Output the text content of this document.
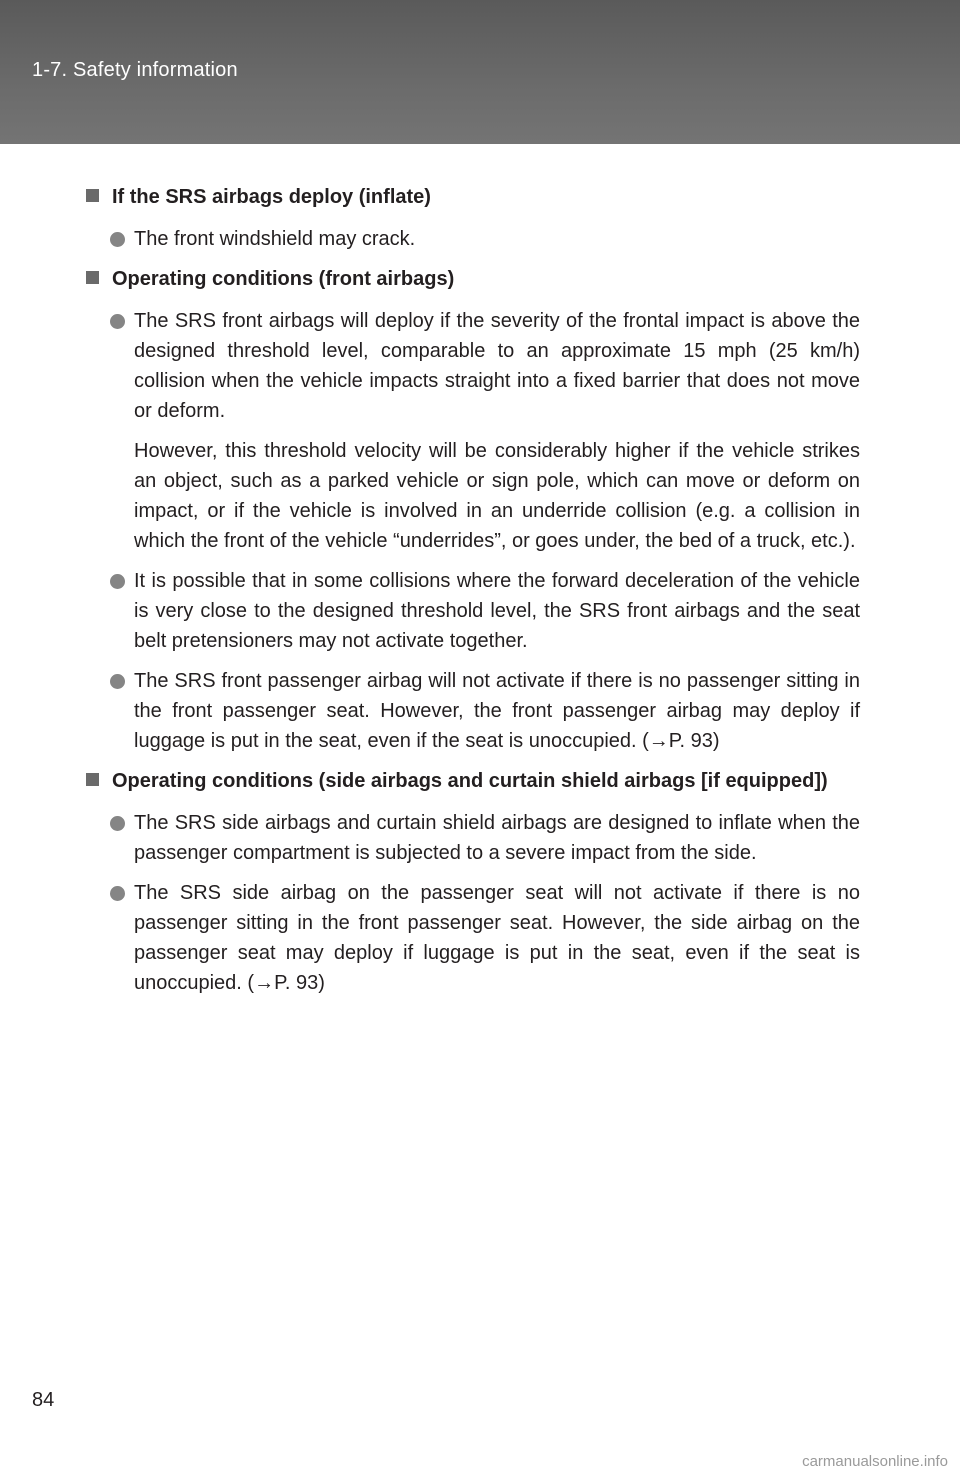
1-7. Safety information
If the SRS airbags deploy (inflate)
The front windshield may crack.
Operating conditions (front airbags)
The SRS front airbags will deploy if the severity of the frontal impact is above the designed threshold level, comparable to an approximate 15 mph (25 km/h) collision when the vehicle impacts straight into a fixed barrier that does not move or deform.
However, this threshold velocity will be considerably higher if the vehicle strikes an object, such as a parked vehicle or sign pole, which can move or deform on impact, or if the vehicle is involved in an underride collision (e.g. a collision in which the front of the vehicle “underrides”, or goes under, the bed of a truck, etc.).
It is possible that in some collisions where the forward deceleration of the vehicle is very close to the designed threshold level, the SRS front airbags and the seat belt pretensioners may not activate together.
The SRS front passenger airbag will not activate if there is no passenger sitting in the front passenger seat. However, the front passenger airbag may deploy if luggage is put in the seat, even if the seat is unoccupied. (→P. 93)
Operating conditions (side airbags and curtain shield airbags [if equipped])
The SRS side airbags and curtain shield airbags are designed to inflate when the passenger compartment is subjected to a severe impact from the side.
The SRS side airbag on the passenger seat will not activate if there is no passenger sitting in the front passenger seat. However, the side airbag on the passenger seat may deploy if luggage is put in the seat, even if the seat is unoccupied. (→P. 93)
84
carmanualsonline.info
